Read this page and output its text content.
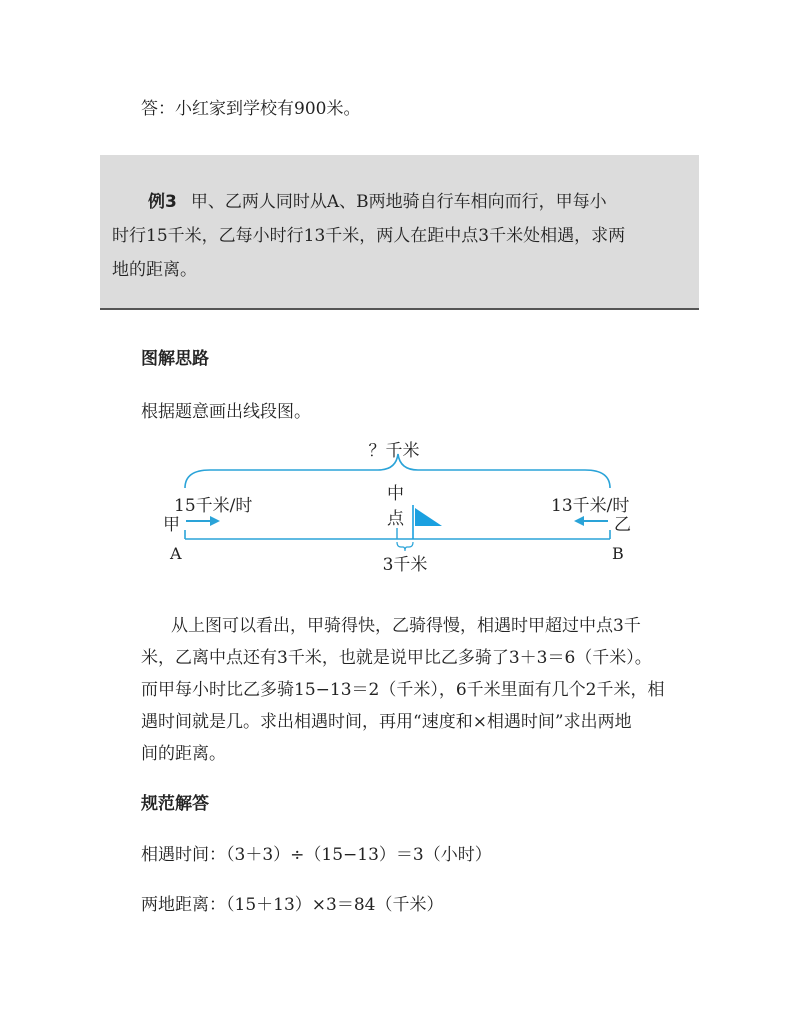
答：小红家到学校有900米。
例3 甲、乙两人同时从A、B两地骑自行车相向而行，甲每小
时行15千米，乙每小时行13千米，两人在距中点3千米处相遇，求两
地的距离。
图解思路
根据题意画出线段图。
？千米
15千米/时	13千米/时
甲	乙
A	B
中
点
3千米
从上图可以看出，甲骑得快，乙骑得慢，相遇时甲超过中点3千
米，乙离中点还有3千米，也就是说甲比乙多骑了3＋3＝6（千米）。
而甲每小时比乙多骑15−13＝2（千米），6千米里面有几个2千米，相
遇时间就是几。求出相遇时间，再用“速度和×相遇时间”求出两地
间的距离。
规范解答
相遇时间：（3＋3）÷（15−13）＝3（小时）
两地距离：（15＋13）×3＝84（千米）
